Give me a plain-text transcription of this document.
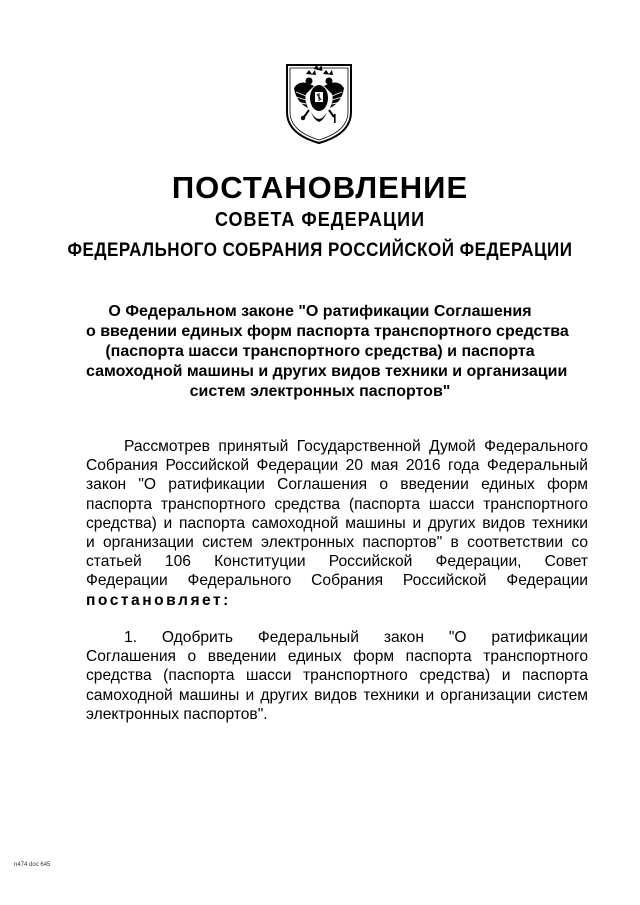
ПОСТАНОВЛЕНИЕ
СОВЕТА ФЕДЕРАЦИИ
ФЕДЕРАЛЬНОГО СОБРАНИЯ РОССИЙСКОЙ ФЕДЕРАЦИИ
О Федеральном законе "О ратификации Соглашения
о введении единых форм паспорта транспортного средства
(паспорта шасси транспортного средства) и паспорта
самоходной машины и других видов техники и организации
систем электронных паспортов"
Рассмотрев принятый Государственной Думой Федерального
Собрания Российской Федерации 20 мая 2016 года Федеральный
закон "О ратификации Соглашения о введении единых форм
паспорта транспортного средства (паспорта шасси транспортного
средства) и паспорта самоходной машины и других видов техники
и организации систем электронных паспортов" в соответствии со
статьей 106 Конституции Российской Федерации, Совет
Федерации Федерального Собрания Российской Федерации
постановляет:
1. Одобрить Федеральный закон "О ратификации
Соглашения о введении единых форм паспорта транспортного
средства (паспорта шасси транспортного средства) и паспорта
самоходной машины и других видов техники и организации систем
электронных паспортов".
n474 doc 645
